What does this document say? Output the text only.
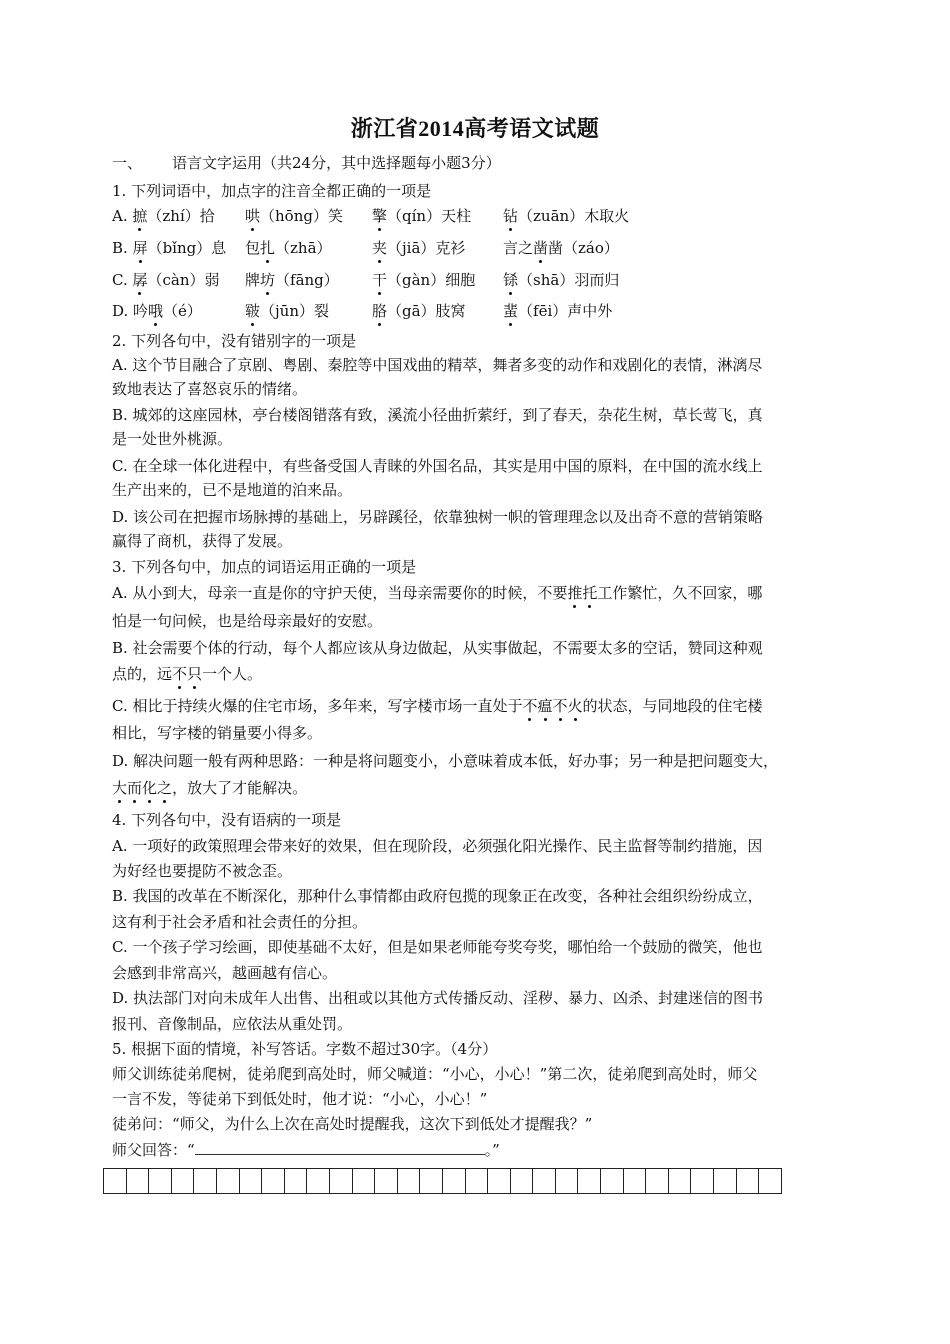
浙江省2014高考语文试题
一、 语言文字运用（共24分，其中选择题每小题3分）
1. 下列词语中，加点字的注音全都正确的一项是
A. 摭（zhí）拾 哄（hōng）笑 擎（qín）天柱 钻（zuān）木取火
B. 屏（bǐng）息 包扎（zhā）	夹（jiā）克衫	言之凿凿（záo）
C. 孱（càn）弱 牌坊（fāng） 干（gàn）细胞 铩（shā）羽而归
D. 吟哦（é）	皲（jūn）裂	胳（gā）肢窝 蜚（fēi）声中外
2. 下列各句中，没有错别字的一项是
A. 这个节目融合了京剧、粤剧、秦腔等中国戏曲的精萃，舞者多变的动作和戏剧化的表情，淋漓尽
致地表达了喜怒哀乐的情绪。
B. 城郊的这座园林，亭台楼阁错落有致，溪流小径曲折萦纡，到了春天，杂花生树，草长莺飞，真
是一处世外桃源。
C. 在全球一体化进程中，有些备受国人青睐的外国名品，其实是用中国的原料，在中国的流水线上
生产出来的，已不是地道的泊来品。
D. 该公司在把握市场脉搏的基础上，另辟蹊径，依靠独树一帜的管理理念以及出奇不意的营销策略
赢得了商机，获得了发展。
3. 下列各句中，加点的词语运用正确的一项是
A. 从小到大，母亲一直是你的守护天使，当母亲需要你的时候，不要推托工作繁忙，久不回家，哪
怕是一句问候，也是给母亲最好的安慰。
B. 社会需要个体的行动，每个人都应该从身边做起，从实事做起，不需要太多的空话，赞同这种观
点的，远不只一个人。
C. 相比于持续火爆的住宅市场，多年来，写字楼市场一直处于不瘟不火的状态，与同地段的住宅楼
相比，写字楼的销量要小得多。
D. 解决问题一般有两种思路：一种是将问题变小，小意味着成本低，好办事；另一种是把问题变大，
大而化之，放大了才能解决。
4. 下列各句中，没有语病的一项是
A. 一项好的政策照理会带来好的效果，但在现阶段，必须强化阳光操作、民主监督等制约措施，因
为好经也要提防不被念歪。
B. 我国的改革在不断深化，那种什么事情都由政府包揽的现象正在改变，各种社会组织纷纷成立，
这有利于社会矛盾和社会责任的分担。
C. 一个孩子学习绘画，即使基础不太好，但是如果老师能夸奖夸奖，哪怕给一个鼓励的微笑，他也
会感到非常高兴，越画越有信心。
D. 执法部门对向未成年人出售、出租或以其他方式传播反动、淫秽、暴力、凶杀、封建迷信的图书
报刊、音像制品，应依法从重处罚。
5. 根据下面的情境，补写答话。字数不超过30字。（4分）
师父训练徒弟爬树，徒弟爬到高处时，师父喊道：“小心，小心！”第二次，徒弟爬到高处时，师父
一言不发，等徒弟下到低处时，他才说：“小心，小心！”
徒弟问：“师父，为什么上次在高处时提醒我，这次下到低处才提醒我？”
师父回答：“	。”
